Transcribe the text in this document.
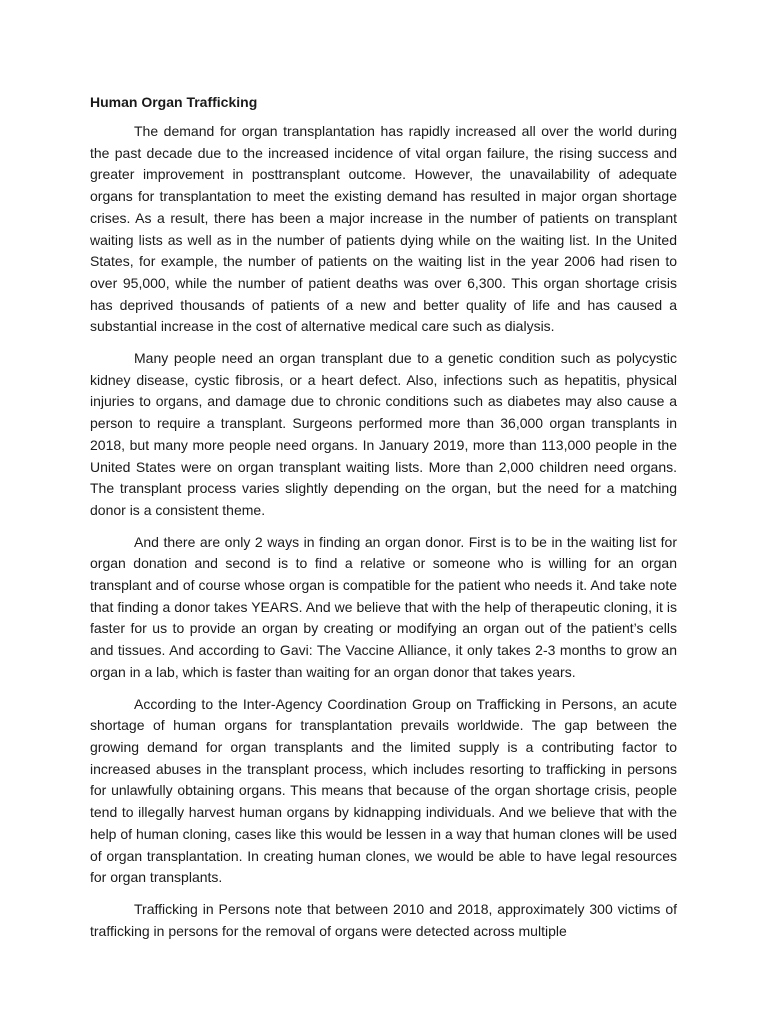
Human Organ Trafficking

The demand for organ transplantation has rapidly increased all over the world during the past decade due to the increased incidence of vital organ failure, the rising success and greater improvement in posttransplant outcome. However, the unavailability of adequate organs for transplantation to meet the existing demand has resulted in major organ shortage crises. As a result, there has been a major increase in the number of patients on transplant waiting lists as well as in the number of patients dying while on the waiting list. In the United States, for example, the number of patients on the waiting list in the year 2006 had risen to over 95,000, while the number of patient deaths was over 6,300. This organ shortage crisis has deprived thousands of patients of a new and better quality of life and has caused a substantial increase in the cost of alternative medical care such as dialysis.

Many people need an organ transplant due to a genetic condition such as polycystic kidney disease, cystic fibrosis, or a heart defect. Also, infections such as hepatitis, physical injuries to organs, and damage due to chronic conditions such as diabetes may also cause a person to require a transplant. Surgeons performed more than 36,000 organ transplants in 2018, but many more people need organs. In January 2019, more than 113,000 people in the United States were on organ transplant waiting lists. More than 2,000 children need organs. The transplant process varies slightly depending on the organ, but the need for a matching donor is a consistent theme.

And there are only 2 ways in finding an organ donor. First is to be in the waiting list for organ donation and second is to find a relative or someone who is willing for an organ transplant and of course whose organ is compatible for the patient who needs it. And take note that finding a donor takes YEARS. And we believe that with the help of therapeutic cloning, it is faster for us to provide an organ by creating or modifying an organ out of the patient’s cells and tissues. And according to Gavi: The Vaccine Alliance, it only takes 2-3 months to grow an organ in a lab, which is faster than waiting for an organ donor that takes years.

According to the Inter-Agency Coordination Group on Trafficking in Persons, an acute shortage of human organs for transplantation prevails worldwide. The gap between the growing demand for organ transplants and the limited supply is a contributing factor to increased abuses in the transplant process, which includes resorting to trafficking in persons for unlawfully obtaining organs. This means that because of the organ shortage crisis, people tend to illegally harvest human organs by kidnapping individuals. And we believe that with the help of human cloning, cases like this would be lessen in a way that human clones will be used of organ transplantation. In creating human clones, we would be able to have legal resources for organ transplants.

Trafficking in Persons note that between 2010 and 2018, approximately 300 victims of trafficking in persons for the removal of organs were detected across multiple
